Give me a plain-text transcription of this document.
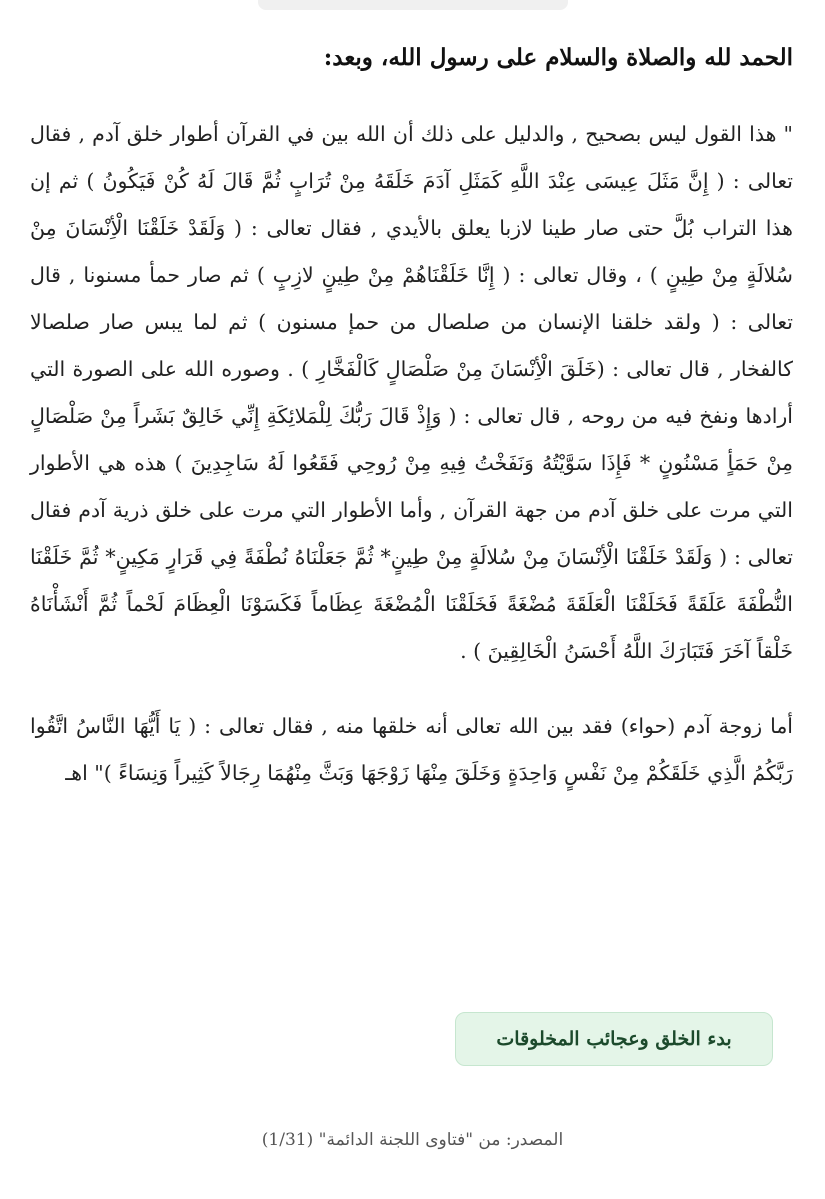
الحمد لله والصلاة والسلام على رسول الله، وبعد:

" هذا القول ليس بصحيح , والدليل على ذلك أن الله بين في القرآن أطوار خلق آدم , فقال تعالى : ( إِنَّ مَثَلَ عِيسَى عِنْدَ اللَّهِ كَمَثَلِ آدَمَ خَلَقَهُ مِنْ تُرَابٍ ثُمَّ قَالَ لَهُ كُنْ فَيَكُونُ ) ثم إن هذا التراب بُلَّ حتى صار طينا لازبا يعلق بالأيدي , فقال تعالى : ( وَلَقَدْ خَلَقْنَا الْأِنْسَانَ مِنْ سُلالَةٍ مِنْ طِينٍ ) ، وقال تعالى : ( إِنَّا خَلَقْنَاهُمْ مِنْ طِينٍ لازِبٍ ) ثم صار حمأ مسنونا , قال تعالى : ( ولقد خلقنا الإنسان من صلصال من حمإ مسنون ) ثم لما يبس صار صلصالا كالفخار , قال تعالى : (خَلَقَ الْأِنْسَانَ مِنْ صَلْصَالٍ كَالْفَخَّارِ ) . وصوره الله على الصورة التي أرادها ونفخ فيه من روحه , قال تعالى : ( وَإِذْ قَالَ رَبُّكَ لِلْمَلائِكَةِ إِنِّي خَالِقٌ بَشَراً مِنْ صَلْصَالٍ مِنْ حَمَأٍ مَسْنُونٍ * فَإِذَا سَوَّيْتُهُ وَنَفَخْتُ فِيهِ مِنْ رُوحِي فَقَعُوا لَهُ سَاجِدِينَ ) هذه هي الأطوار التي مرت على خلق آدم من جهة القرآن , وأما الأطوار التي مرت على خلق ذرية آدم فقال تعالى : ( وَلَقَدْ خَلَقْنَا الْأِنْسَانَ مِنْ سُلالَةٍ مِنْ طِينٍ* ثُمَّ جَعَلْنَاهُ نُطْفَةً فِي قَرَارٍ مَكِينٍ* ثُمَّ خَلَقْنَا النُّطْفَةَ عَلَقَةً فَخَلَقْنَا الْعَلَقَةَ مُضْغَةً فَخَلَقْنَا الْمُضْغَةَ عِظَاماً فَكَسَوْنَا الْعِظَامَ لَحْماً ثُمَّ أَنْشَأْنَاهُ خَلْقاً آخَرَ فَتَبَارَكَ اللَّهُ أَحْسَنُ الْخَالِقِينَ ) .

أما زوجة آدم (حواء) فقد بين الله تعالى أنه خلقها منه , فقال تعالى : ( يَا أَيُّهَا النَّاسُ اتَّقُوا رَبَّكُمُ الَّذِي خَلَقَكُمْ مِنْ نَفْسٍ وَاحِدَةٍ وَخَلَقَ مِنْهَا زَوْجَهَا وَبَثَّ مِنْهُمَا رِجَالاً كَثِيراً وَنِسَاءً )" اهـ

بدء الخلق وعجائب المخلوقات
المصدر: من "فتاوى اللجنة الدائمة" (1/31)
